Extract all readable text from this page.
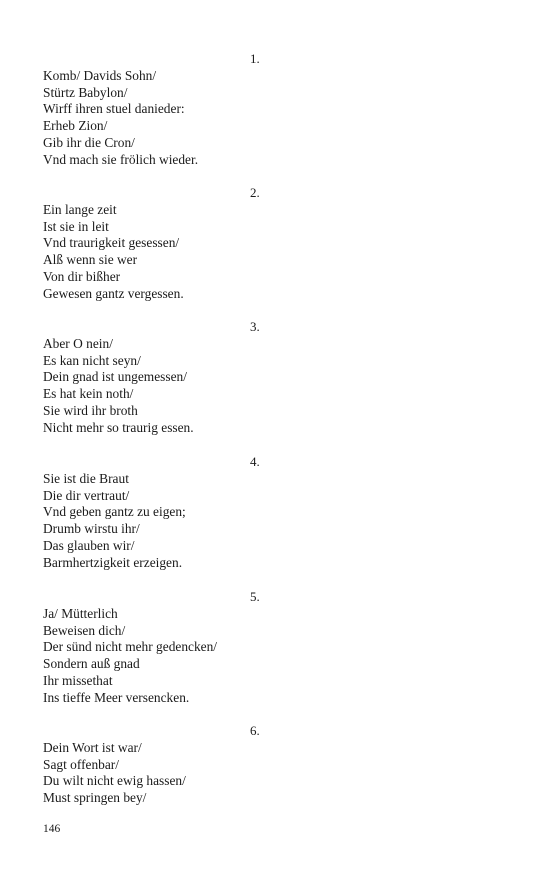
1.
Komb/ Davids Sohn/
Stürtz Babylon/
Wirff ihren stuel danieder:
Erheb Zion/
Gib ihr die Cron/
Vnd mach sie frölich wieder.
2.
Ein lange zeit
Ist sie in leit
Vnd traurigkeit gesessen/
Alß wenn sie wer
Von dir bißher
Gewesen gantz vergessen.
3.
Aber O nein/
Es kan nicht seyn/
Dein gnad ist ungemessen/
Es hat kein noth/
Sie wird ihr broth
Nicht mehr so traurig essen.
4.
Sie ist die Braut
Die dir vertraut/
Vnd geben gantz zu eigen;
Drumb wirstu ihr/
Das glauben wir/
Barmhertzigkeit erzeigen.
5.
Ja/ Mütterlich
Beweisen dich/
Der sünd nicht mehr gedencken/
Sondern auß gnad
Ihr missethat
Ins tieffe Meer versencken.
6.
Dein Wort ist war/
Sagt offenbar/
Du wilt nicht ewig hassen/
Must springen bey/
146
